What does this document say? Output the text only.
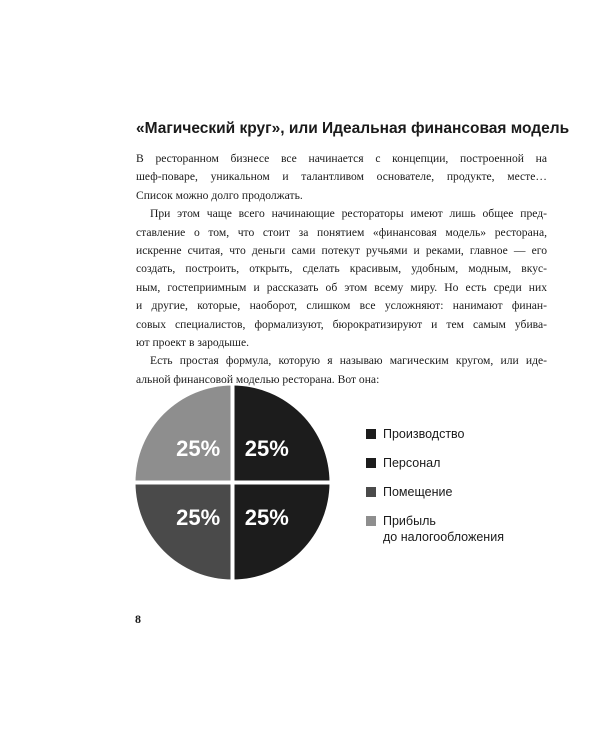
«Магический круг», или Идеальная финансовая модель

В ресторанном бизнесе все начинается с концепции, построенной на
шеф-поваре, уникальном и талантливом основателе, продукте, месте…
Список можно долго продолжать.

При этом чаще всего начинающие рестораторы имеют лишь общее пред-
ставление о том, что стоит за понятием «финансовая модель» ресторана,
искренне считая, что деньги сами потекут ручьями и реками, главное — его
создать, построить, открыть, сделать красивым, удобным, модным, вкус-
ным, гостеприимным и рассказать об этом всему миру. Но есть среди них
и другие, которые, наоборот, слишком все усложняют: нанимают финан-
совых специалистов, формализуют, бюрократизируют и тем самым убива-
ют проект в зародыше.

Есть простая формула, которую я называю магическим кругом, или иде-
альной финансовой моделью ресторана. Вот она:

25%
25%
25%
25%
Производство
Персонал
Помещение
Прибыль
до налогообложения
8
